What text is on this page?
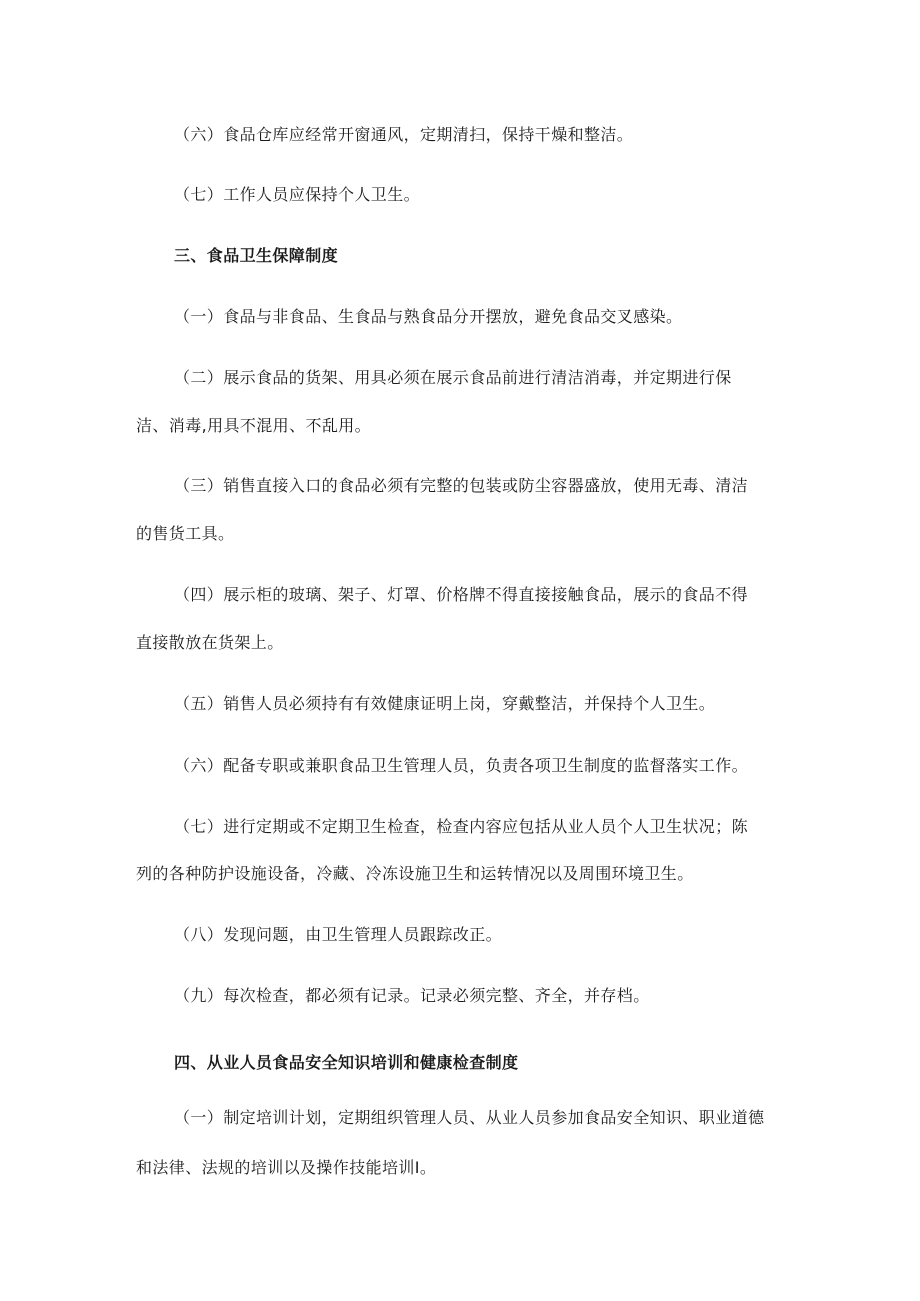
（六）食品仓库应经常开窗通风，定期清扫，保持干燥和整洁。
（七）工作人员应保持个人卫生。
三、食品卫生保障制度
（一）食品与非食品、生食品与熟食品分开摆放，避免食品交叉感染。
（二）展示食品的货架、用具必须在展示食品前进行清洁消毒，并定期进行保
洁、消毒,用具不混用、不乱用。
（三）销售直接入口的食品必须有完整的包装或防尘容器盛放，使用无毒、清洁
的售货工具。
（四）展示柜的玻璃、架子、灯罩、价格牌不得直接接触食品，展示的食品不得
直接散放在货架上。
（五）销售人员必须持有有效健康证明上岗，穿戴整洁，并保持个人卫生。
（六）配备专职或兼职食品卫生管理人员，负责各项卫生制度的监督落实工作。
（七）进行定期或不定期卫生检查，检查内容应包括从业人员个人卫生状况；陈
列的各种防护设施设备，冷藏、冷冻设施卫生和运转情况以及周围环境卫生。
（八）发现问题，由卫生管理人员跟踪改正。
（九）每次检查，都必须有记录。记录必须完整、齐全，并存档。
四、从业人员食品安全知识培训和健康检查制度
（一）制定培训计划，定期组织管理人员、从业人员参加食品安全知识、职业道德
和法律、法规的培训以及操作技能培训Ⅰ。
